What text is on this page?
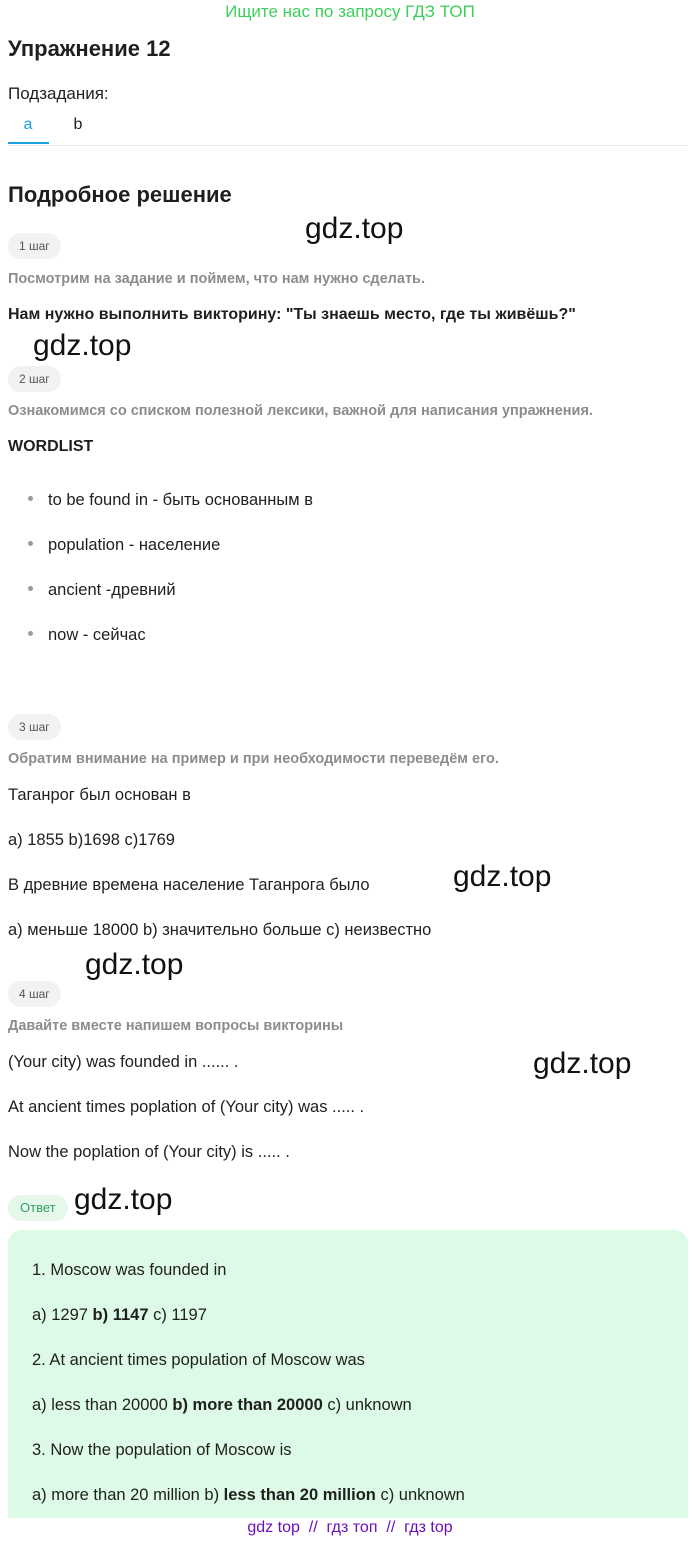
Ищите нас по запросу ГДЗ ТОП
Упражнение 12
Подзадания:
a	b
Подробное решение
gdz.top
1 шаг
Посмотрим на задание и поймем, что нам нужно сделать.
Нам нужно выполнить викторину: "Ты знаешь место, где ты живёшь?"
gdz.top
2 шаг
Ознакомимся со списком полезной лексики, важной для написания упражнения.
WORDLIST
to be found in - быть основанным в
population - население
ancient -древний
now - сейчас
3 шаг
Обратим внимание на пример и при необходимости переведём его.
Таганрог был основан в
a) 1855 b)1698 c)1769
В древние времена население Таганрога было	gdz.top
а) меньше 18000 b) значительно больше c) неизвестно
gdz.top
4 шаг
Давайте вместе напишем вопросы викторины
(Your city) was founded in ...... .	gdz.top
At ancient times poplation of (Your city) was ..... .
Now the poplation of (Your city) is ..... .
Ответ gdz.top
1. Moscow was founded in
a) 1297 b) 1147 c) 1197
2. At ancient times population of Moscow was
a) less than 20000 b) more than 20000 c) unknown
3. Now the population of Moscow is
a) more than 20 million b) less than 20 million c) unknown
gdz top  //  гдз топ  //  гдз top
